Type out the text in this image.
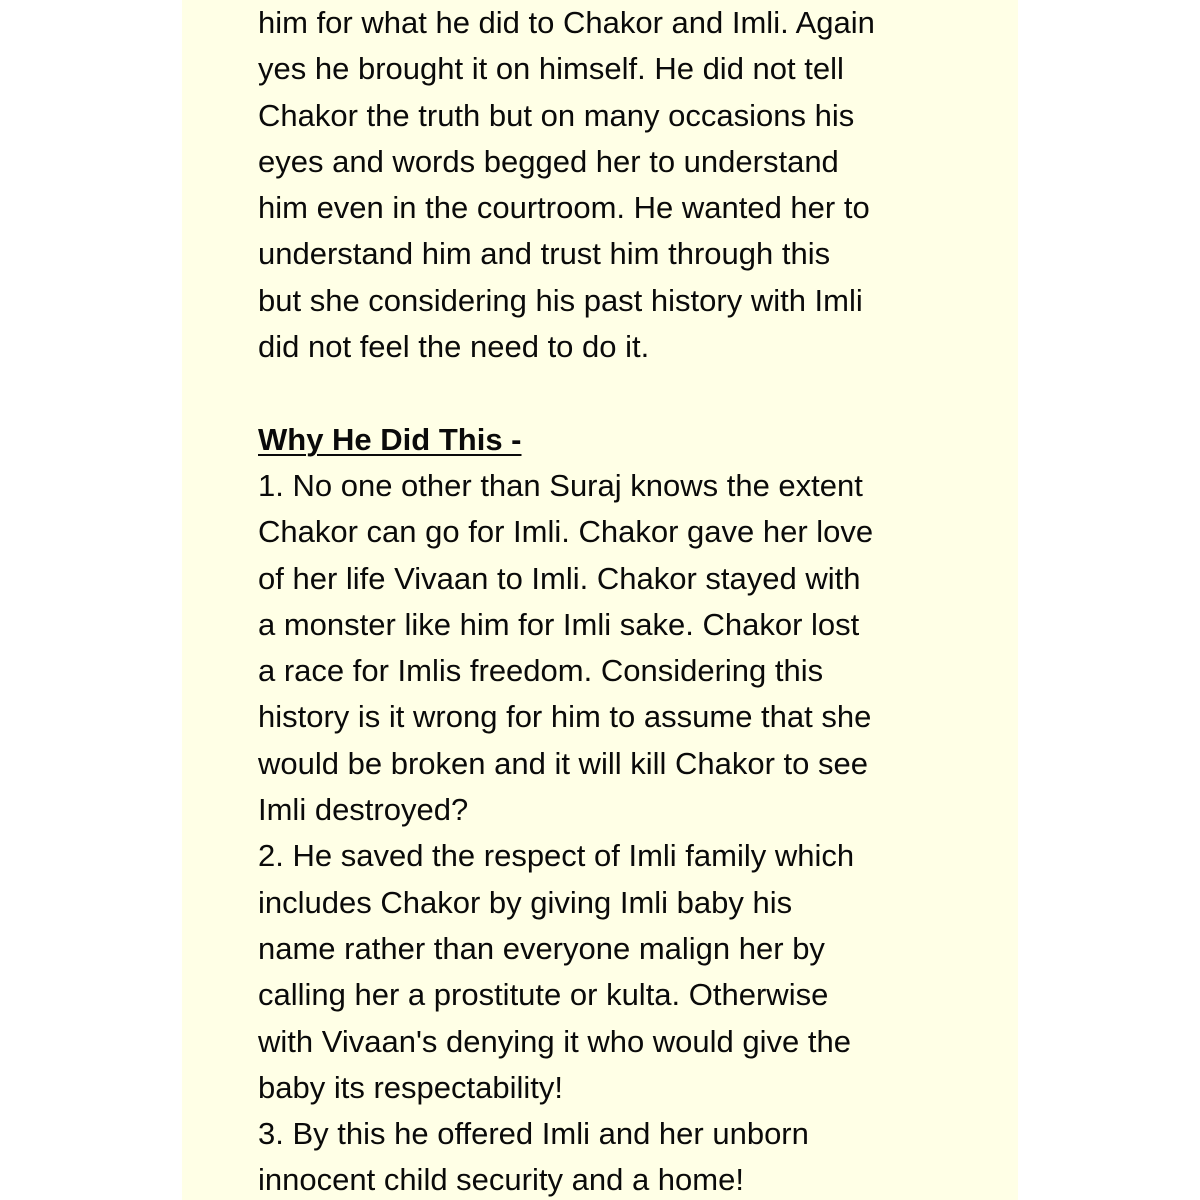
him for what he did to Chakor and Imli. Again
yes he brought it on himself. He did not tell
Chakor the truth but on many occasions his
eyes and words begged her to understand
him even in the courtroom. He wanted her to
understand him and trust him through this
but she considering his past history with Imli
did not feel the need to do it.
Why He Did This -
1. No one other than Suraj knows the extent
Chakor can go for Imli. Chakor gave her love
of her life Vivaan to Imli. Chakor stayed with
a monster like him for Imli sake. Chakor lost
a race for Imlis freedom. Considering this
history is it wrong for him to assume that she
would be broken and it will kill Chakor to see
Imli destroyed?
2. He saved the respect of Imli family which
includes Chakor by giving Imli baby his
name rather than everyone malign her by
calling her a prostitute or kulta. Otherwise
with Vivaan's denying it who would give the
baby its respectability!
3. By this he offered Imli and her unborn
innocent child security and a home!
